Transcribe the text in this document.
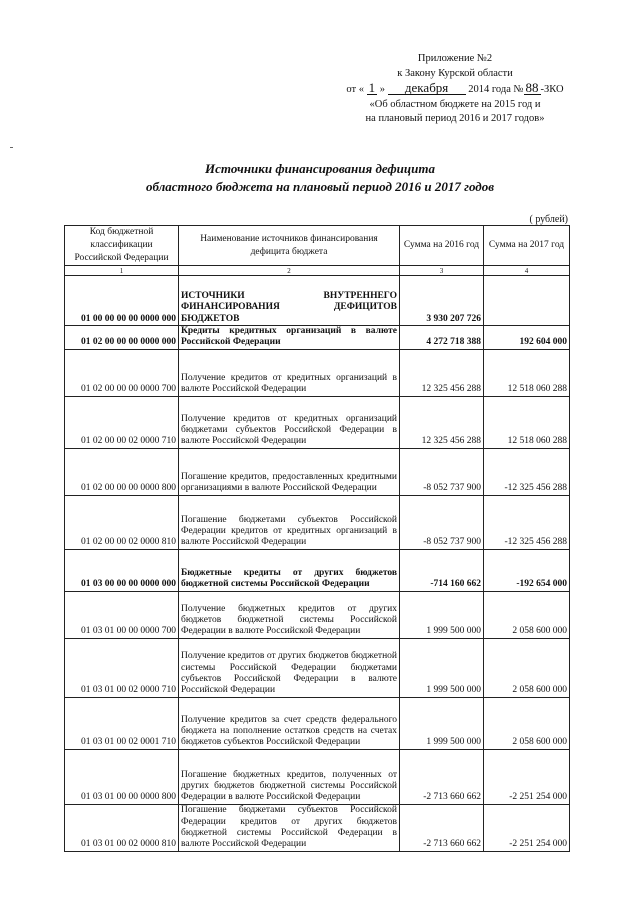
Приложение №2
к Закону Курской области
от « 1 » декабря 2014 года № 88 -ЗКО
«Об областном бюджете на 2015 год и
на плановый период 2016 и 2017 годов»
Источники финансирования дефицита
областного бюджета на плановый период 2016 и 2017 годов
( рублей)
Код бюджетной классификации Российской Федерации	Наименование источников финансирования дефицита бюджета	Сумма на 2016 год	Сумма на 2017 год
1	2	3	4
01 00 00 00 00 0000 000	ИСТОЧНИКИ ВНУТРЕННЕГО ФИНАНСИРОВАНИЯ ДЕФИЦИТОВ БЮДЖЕТОВ	3 930 207 726	
01 02 00 00 00 0000 000	Кредиты кредитных организаций в валюте Российской Федерации	4 272 718 388	192 604 000
01 02 00 00 00 0000 700	Получение кредитов от кредитных организаций в валюте Российской Федерации	12 325 456 288	12 518 060 288
01 02 00 00 02 0000 710	Получение кредитов от кредитных организаций бюджетами субъектов Российской Федерации в валюте Российской Федерации	12 325 456 288	12 518 060 288
01 02 00 00 00 0000 800	Погашение кредитов, предоставленных кредитными организациями в валюте Российской Федерации	-8 052 737 900	-12 325 456 288
01 02 00 00 02 0000 810	Погашение бюджетами субъектов Российской Федерации кредитов от кредитных организаций в валюте Российской Федерации	-8 052 737 900	-12 325 456 288
01 03 00 00 00 0000 000	Бюджетные кредиты от других бюджетов бюджетной системы Российской Федерации	-714 160 662	-192 654 000
01 03 01 00 00 0000 700	Получение бюджетных кредитов от других бюджетов бюджетной системы Российской Федерации в валюте Российской Федерации	1 999 500 000	2 058 600 000
01 03 01 00 02 0000 710	Получение кредитов от других бюджетов бюджетной системы Российской Федерации бюджетами субъектов Российской Федерации в валюте Российской Федерации	1 999 500 000	2 058 600 000
01 03 01 00 02 0001 710	Получение кредитов за счет средств федерального бюджета на пополнение остатков средств на счетах бюджетов субъектов Российской Федерации	1 999 500 000	2 058 600 000
01 03 01 00 00 0000 800	Погашение бюджетных кредитов, полученных от других бюджетов бюджетной системы Российской Федерации в валюте Российской Федерации	-2 713 660 662	-2 251 254 000
01 03 01 00 02 0000 810	Погашение бюджетами субъектов Российской Федерации кредитов от других бюджетов бюджетной системы Российской Федерации в валюте Российской Федерации	-2 713 660 662	-2 251 254 000
